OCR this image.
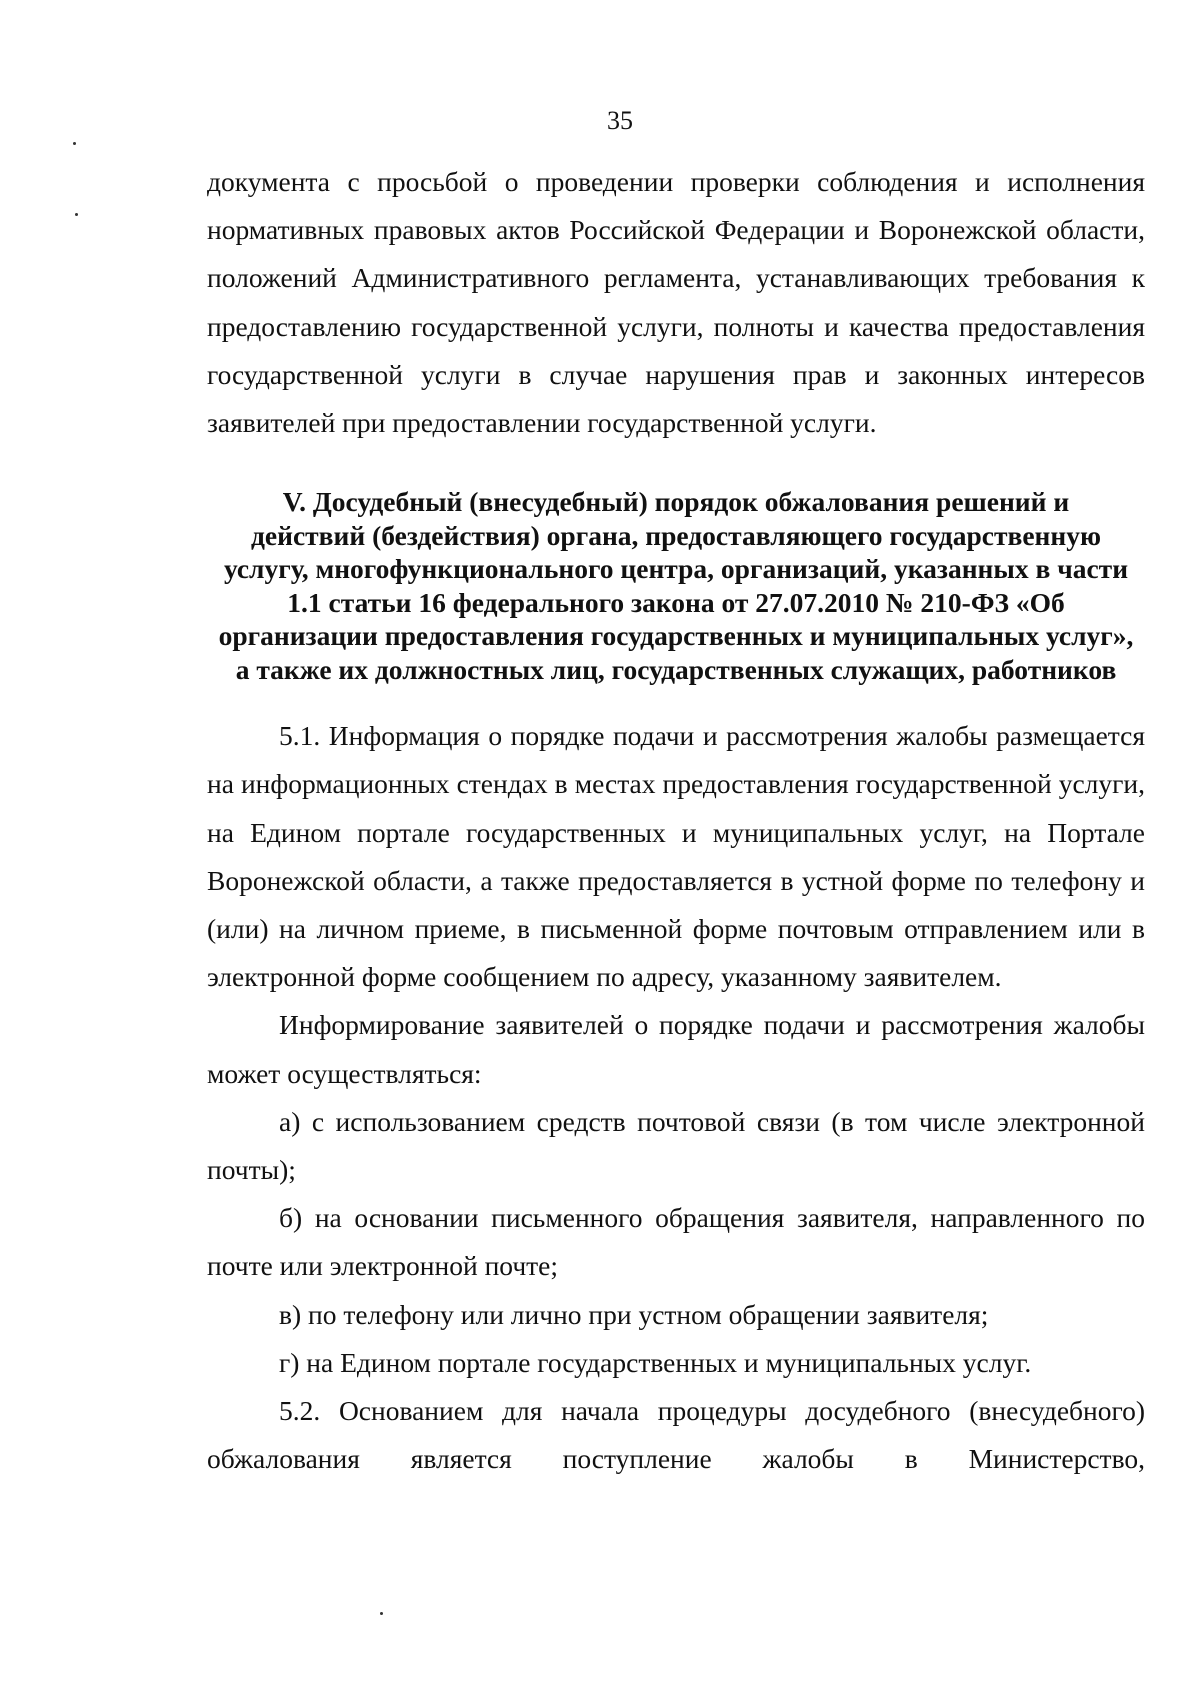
35

документа с просьбой о проведении проверки соблюдения и исполнения нормативных правовых актов Российской Федерации и Воронежской области, положений Административного регламента, устанавливающих требования к предоставлению государственной услуги, полноты и качества предоставления государственной услуги в случае нарушения прав и законных интересов заявителей при предоставлении государственной услуги.

V. Досудебный (внесудебный) порядок обжалования решений и
действий (бездействия) органа, предоставляющего государственную
услугу, многофункционального центра, организаций, указанных в части
1.1 статьи 16 федерального закона от 27.07.2010 № 210-ФЗ «Об
организации предоставления государственных и муниципальных услуг»,
а также их должностных лиц, государственных служащих, работников

5.1. Информация о порядке подачи и рассмотрения жалобы размещается на информационных стендах в местах предоставления государственной услуги, на Едином портале государственных и муниципальных услуг, на Портале Воронежской области, а также предоставляется в устной форме по телефону и (или) на личном приеме, в письменной форме почтовым отправлением или в электронной форме сообщением по адресу, указанному заявителем.

Информирование заявителей о порядке подачи и рассмотрения жалобы может осуществляться:

а) с использованием средств почтовой связи (в том числе электронной почты);

б) на основании письменного обращения заявителя, направленного по почте или электронной почте;

в) по телефону или лично при устном обращении заявителя;

г) на Едином портале государственных и муниципальных услуг.

5.2. Основанием для начала процедуры досудебного (внесудебного) обжалования является поступление жалобы в Министерство,
